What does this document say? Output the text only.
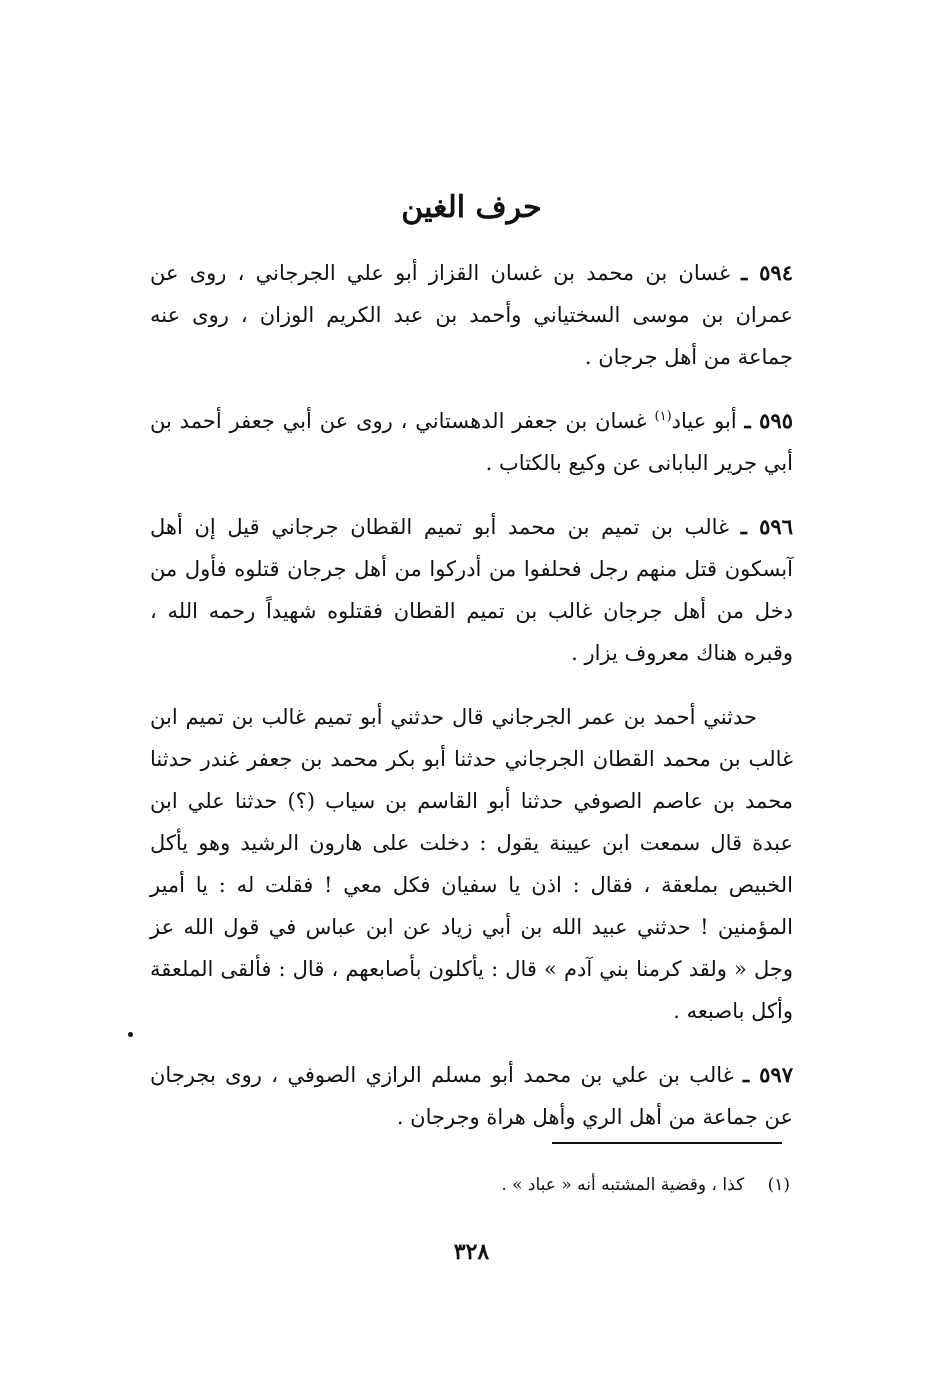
حرف الغين

٥٩٤ ـ غسان بن محمد بن غسان القزاز أبو علي الجرجاني ، روى عن عمران بن موسى السختياني وأحمد بن عبد الكريم الوزان ، روى عنه جماعة من أهل جرجان .

٥٩٥ ـ أبو عياد$^{(١)}$ غسان بن جعفر الدهستاني ، روى عن أبي جعفر أحمد بن أبي جرير البابانى عن وكيع بالكتاب .

٥٩٦ ـ غالب بن تميم بن محمد أبو تميم القطان جرجاني قيل إن أهل آبسكون قتل منهم رجل فحلفوا من أدركوا من أهل جرجان قتلوه فأول من دخل من أهل جرجان غالب بن تميم القطان فقتلوه شهيداً رحمه الله ، وقبره هناك معروف يزار .

حدثني أحمد بن عمر الجرجاني قال حدثني أبو تميم غالب بن تميم ابن غالب بن محمد القطان الجرجاني حدثنا أبو بكر محمد بن جعفر غندر حدثنا محمد بن عاصم الصوفي حدثنا أبو القاسم بن سياب (؟) حدثنا علي ابن عبدة قال سمعت ابن عيينة يقول : دخلت على هارون الرشيد وهو يأكل الخبيص بملعقة ، فقال : اذن يا سفيان فكل معي ! فقلت له : يا أمير المؤمنين ! حدثني عبيد الله بن أبي زياد عن ابن عباس في قول الله عز وجل « ولقد كرمنا بني آدم » قال : يأكلون بأصابعهم ، قال : فألقى الملعقة وأكل باصبعه .

٥٩٧ ـ غالب بن علي بن محمد أبو مسلم الرازي الصوفي ، روى بجرجان عن جماعة من أهل الري وأهل هراة وجرجان .

(١) كذا ، وقضية المشتبه أنه « عباد » .
٣٢٨
